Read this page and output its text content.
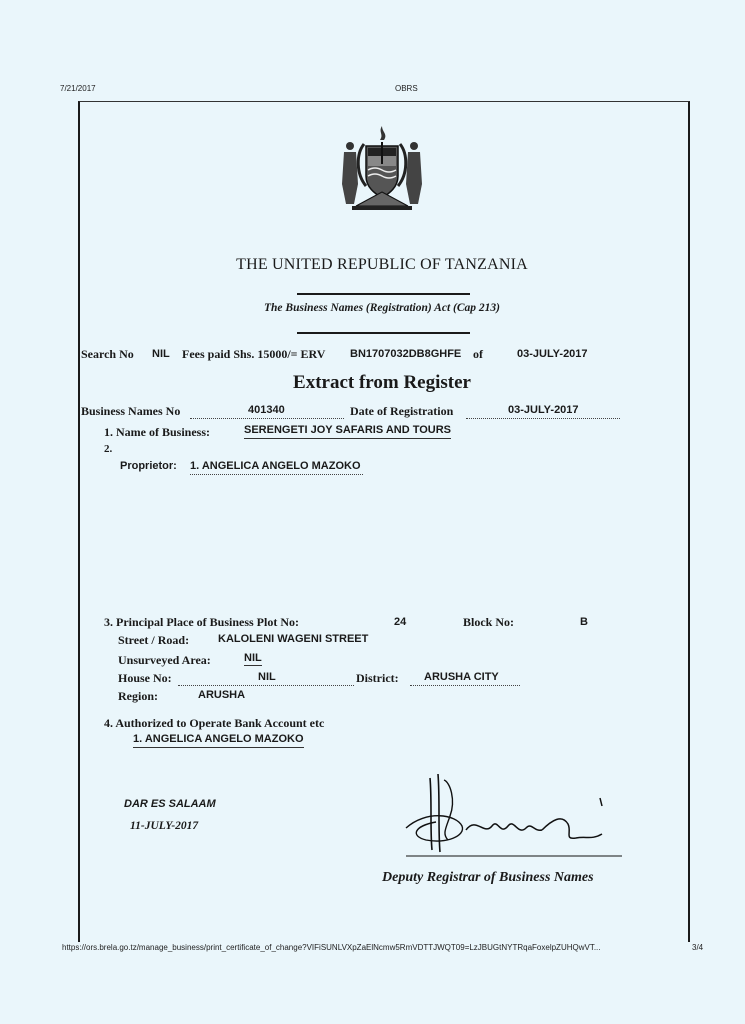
7/21/2017	OBRS
THE UNITED REPUBLIC OF TANZANIA
The Business Names (Registration) Act (Cap 213)
Search No NIL Fees paid Shs. 15000/= ERV BN1707032DB8GHFE of	03-JULY-2017
Extract from Register
Business Names No	401340	Date of Registration	03-JULY-2017
1. Name of Business:	SERENGETI JOY SAFARIS AND TOURS
2.
Proprietor: 1. ANGELICA ANGELO MAZOKO
3. Principal Place of Business Plot No:	24	Block No:	B
Street / Road:	KALOLENI WAGENI STREET
Unsurveyed Area:	NIL
House No:	NIL	District: ARUSHA CITY
Region:	ARUSHA
4. Authorized to Operate Bank Account etc
1. ANGELICA ANGELO MAZOKO
DAR ES SALAAM
11-JULY-2017
Deputy Registrar of Business Names
https://ors.brela.go.tz/manage_business/print_certificate_of_change?VIFiSUNLVXpZaElNcmw5RmVDTTJWQT09=LzJBUGtNYTRqaFoxelpZUHQwVT...	3/4
